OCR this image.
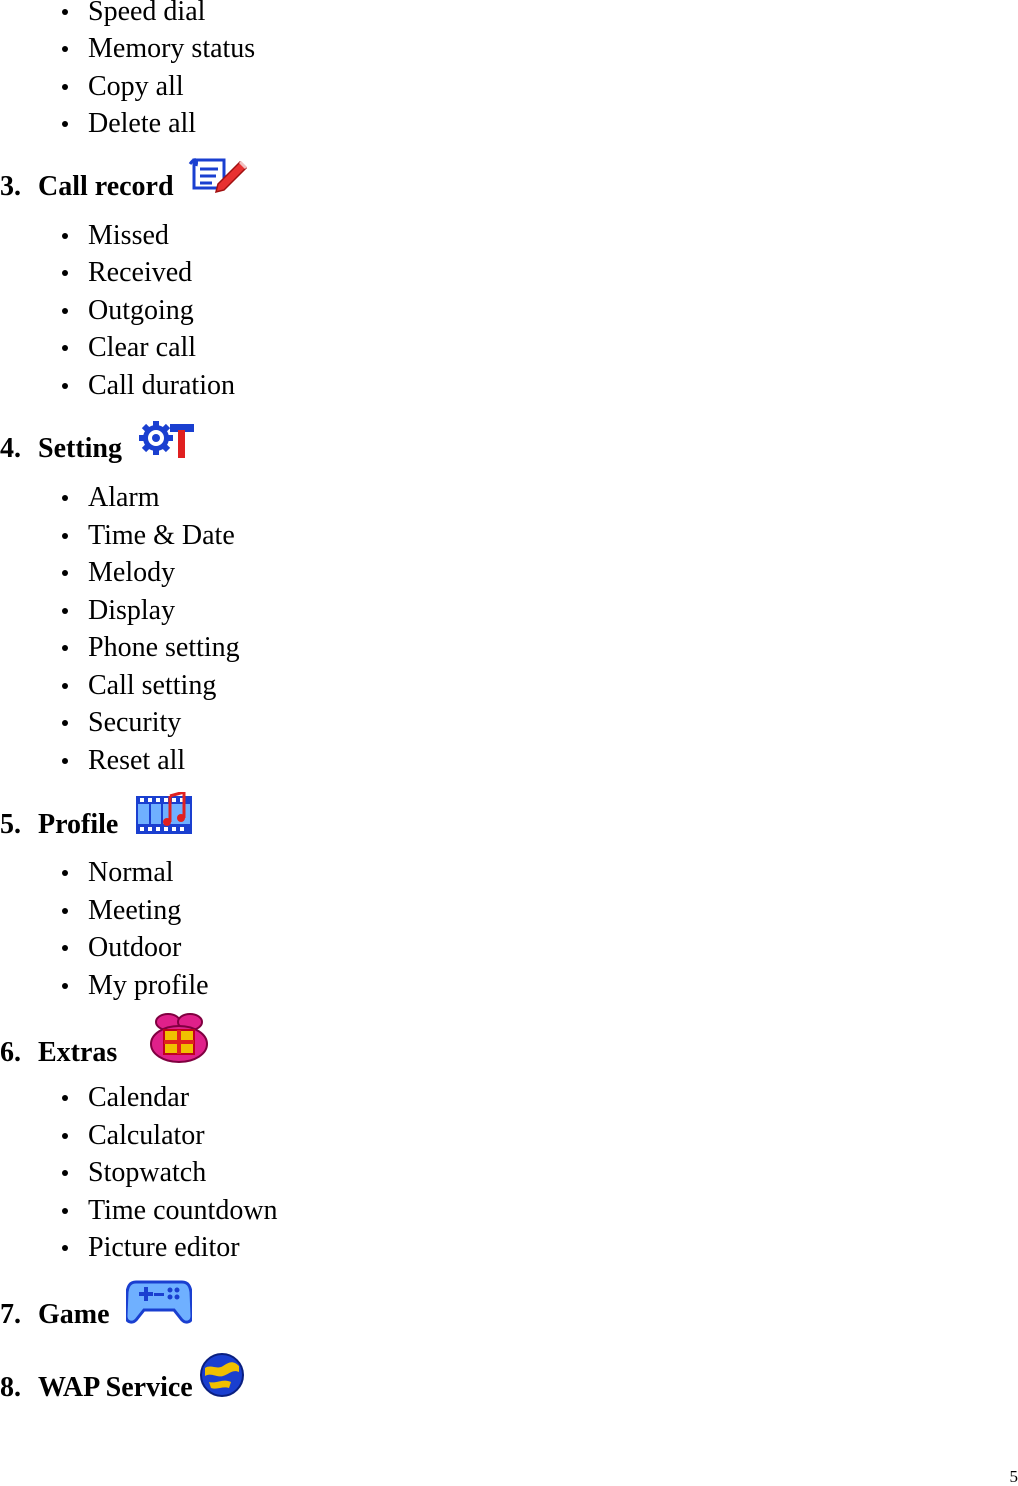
Speed dial
Memory status
Copy all
Delete all
3. Call record
Missed
Received
Outgoing
Clear call
Call duration
4. Setting
Alarm
Time & Date
Melody
Display
Phone setting
Call setting
Security
Reset all
5. Profile
Normal
Meeting
Outdoor
My profile
6. Extras
Calendar
Calculator
Stopwatch
Time countdown
Picture editor
7. Game
8. WAP Service
5
